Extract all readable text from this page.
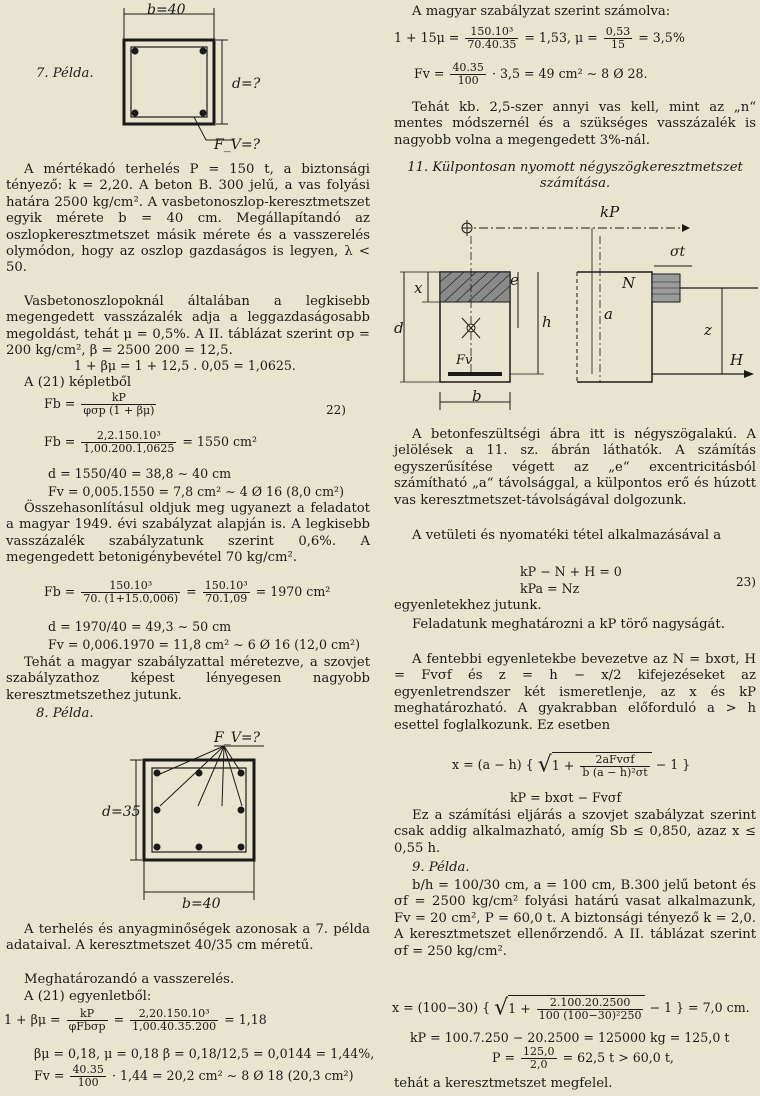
b=40
d=?
F_V=?
7. Példa.
A mértékadó terhelés P = 150 t, a biztonsági tényező: k = 2,20. A beton B. 300 jelű, a vas folyási határa 2500 kg/cm². A vasbetonoszlop-keresztmetszet egyik mérete b = 40 cm. Megállapítandó az oszlopkeresztmetszet másik mérete és a vasszerelés olymódon, hogy az oszlop gazdaságos is legyen, λ < 50.
Vasbetonoszlopoknál általában a legkisebb megengedett vasszázalék adja a leggazdaságosabb megoldást, tehát μ = 0,5%. A II. táblázat szerint σp = 200 kg/cm², β = 2500 200 = 12,5.
1 + βμ = 1 + 12,5 . 0,05 = 1,0625.
A (21) képletből
$Fb = \frac{kP}{\text{φσp (1 + βμ)}}$	22)
$Fb = \frac{\text{2,2.150.10³}}{1,00.200.1,0625} = 1550$ cm²
d = 1550/40 = 38,8 ∼ 40 cm
Fv = 0,005.1550 = 7,8 cm² ∼ 4 Ø 16 (8,0 cm²)
Összehasonlításul oldjuk meg ugyanezt a feladatot a magyar 1949. évi szabályzat alapján is. A legkisebb vasszázalék szabályzatunk szerint 0,6%. A megengedett betonigénybevétel 70 kg/cm².
$Fb = \frac{\text{150.10³}}{70. (1+15.0,006)} = \frac{\text{150.10³}}{70.1,09} = 1970$ cm²
d = 1970/40 = 49,3 ∼ 50 cm
Fv = 0,006.1970 = 11,8 cm² ∼ 6 Ø 16 (12,0 cm²)
Tehát a magyar szabályzattal méretezve, a szovjet szabályzathoz képest lényegesen nagyobb keresztmetszethez jutunk.
8. Példa.
F_V=?
d=35
b=40
A terhelés és anyagminőségek azonosak a 7. példa adataival. A keresztmetszet 40/35 cm méretű.
Meghatározandó a vasszerelés.
A (21) egyenletből:
$1 + \beta\mu = \frac{kP}{\text{φFbσp}} = \frac{\text{2,20.150.10³}}{1,00.40.35.200} = 1,18$
βμ = 0,18, μ = 0,18 β = 0,18/12,5 = 0,0144 = 1,44%,
$Fv = \frac{40.35}{100} \cdot 1,44 = 20,2$ cm² ∼ 8 Ø 18 (20,3 cm²)
A magyar szabályzat szerint számolva:
$1 + 15\mu = \frac{\text{150.10³}}{70.40.35} = 1,53$, $\mu = \frac{0,53}{15} = 3,5\%$
$Fv = \frac{40.35}{100} \cdot 3,5 = 49$ cm² ∼ 8 Ø 28.
Tehát kb. 2,5-szer annyi vas kell, mint az „n“ mentes módszernél és a szükséges vasszázalék is nagyobb volna a megengedett 3%-nál.
11. Külpontosan nyomott négyszögkeresztmetszet számítása.
kP
σt
N
x	e
d	h	a
z
H
Fv
b
A betonfeszültségi ábra itt is négyszögalakú. A jelölések a 11. sz. ábrán láthatók. A számítás egyszerűsítése végett az „e“ excentricitásból számítható „a“ távolsággal, a külpontos erő és húzott vas keresztmetszet-távolságával dolgozunk.
A vetületi és nyomatéki tétel alkalmazásával a
kP − N + H = 0
kPa = Nz	23)
egyenletekhez jutunk.
Feladatunk meghatározni a kP törő nagyságát.
A fentebbi egyenletekbe bevezetve az N = bxσt, H = Fvσf és z = h − x/2 kifejezéseket az egyenletrendszer két ismeretlenje, az x és kP meghatározható. A gyakrabban előforduló a > h esettel foglalkozunk. Ez esetben
x = (a − h) { $√1 + \frac{\text{2aFvσf}}{\text{b (a − h)²σt}} - 1$ }
kP = bxσt − Fvσf
Ez a számítási eljárás a szovjet szabályzat szerint csak addig alkalmazható, amíg Sb ≤ 0,850, azaz x ≤ 0,55 h.
9. Példa.
b/h = 100/30 cm, a = 100 cm, B.300 jelű betont és σf = 2500 kg/cm² folyási határú vasat alkalmazunk, Fv = 20 cm², P = 60,0 t. A biztonsági tényező k = 2,0. A keresztmetszet ellenőrzendő. A II. táblázat szerint σf = 250 kg/cm².
x = (100−30) { $√1 + \frac{2.100.20.2500}{\text{100 (100−30)²250}} - 1$ } = 7,0 cm.
kP = 100.7.250 − 20.2500 = 125000 kg = 125,0 t
$P = \frac{125,0}{2,0} = 62,5$ t > 60,0 t,
tehát a keresztmetszet megfelel.
